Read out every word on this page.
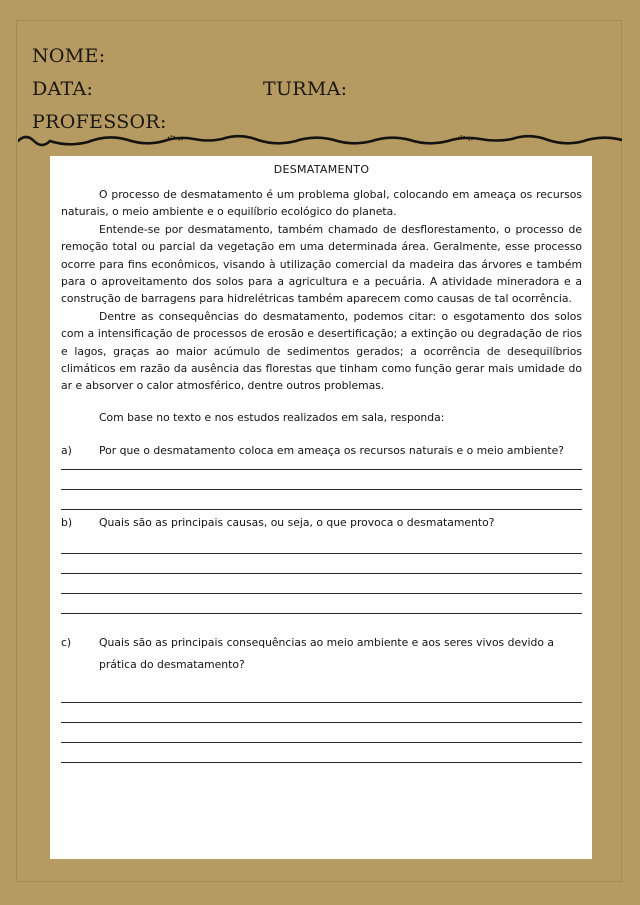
NOME:
DATA:	TURMA:
PROFESSOR:
DESMATAMENTO

O processo de desmatamento é um problema global, colocando em ameaça os recursos naturais, o meio ambiente e o equilíbrio ecológico do planeta.

Entende-se por desmatamento, também chamado de desflorestamento, o processo de remoção total ou parcial da vegetação em uma determinada área. Geralmente, esse processo ocorre para fins econômicos, visando à utilização comercial da madeira das árvores e também para o aproveitamento dos solos para a agricultura e a pecuária. A atividade mineradora e a construção de barragens para hidrelétricas também aparecem como causas de tal ocorrência.

Dentre as consequências do desmatamento, podemos citar: o esgotamento dos solos com a intensificação de processos de erosão e desertificação; a extinção ou degradação de rios e lagos, graças ao maior acúmulo de sedimentos gerados; a ocorrência de desequilíbrios climáticos em razão da ausência das florestas que tinham como função gerar mais umidade do ar e absorver o calor atmosférico, dentre outros problemas.

Com base no texto e nos estudos realizados em sala, responda:

a)	Por que o desmatamento coloca em ameaça os recursos naturais e o meio ambiente?
b)	Quais são as principais causas, ou seja, o que provoca o desmatamento?
c)	Quais são as principais consequências ao meio ambiente e aos seres vivos devido a prática do desmatamento?
